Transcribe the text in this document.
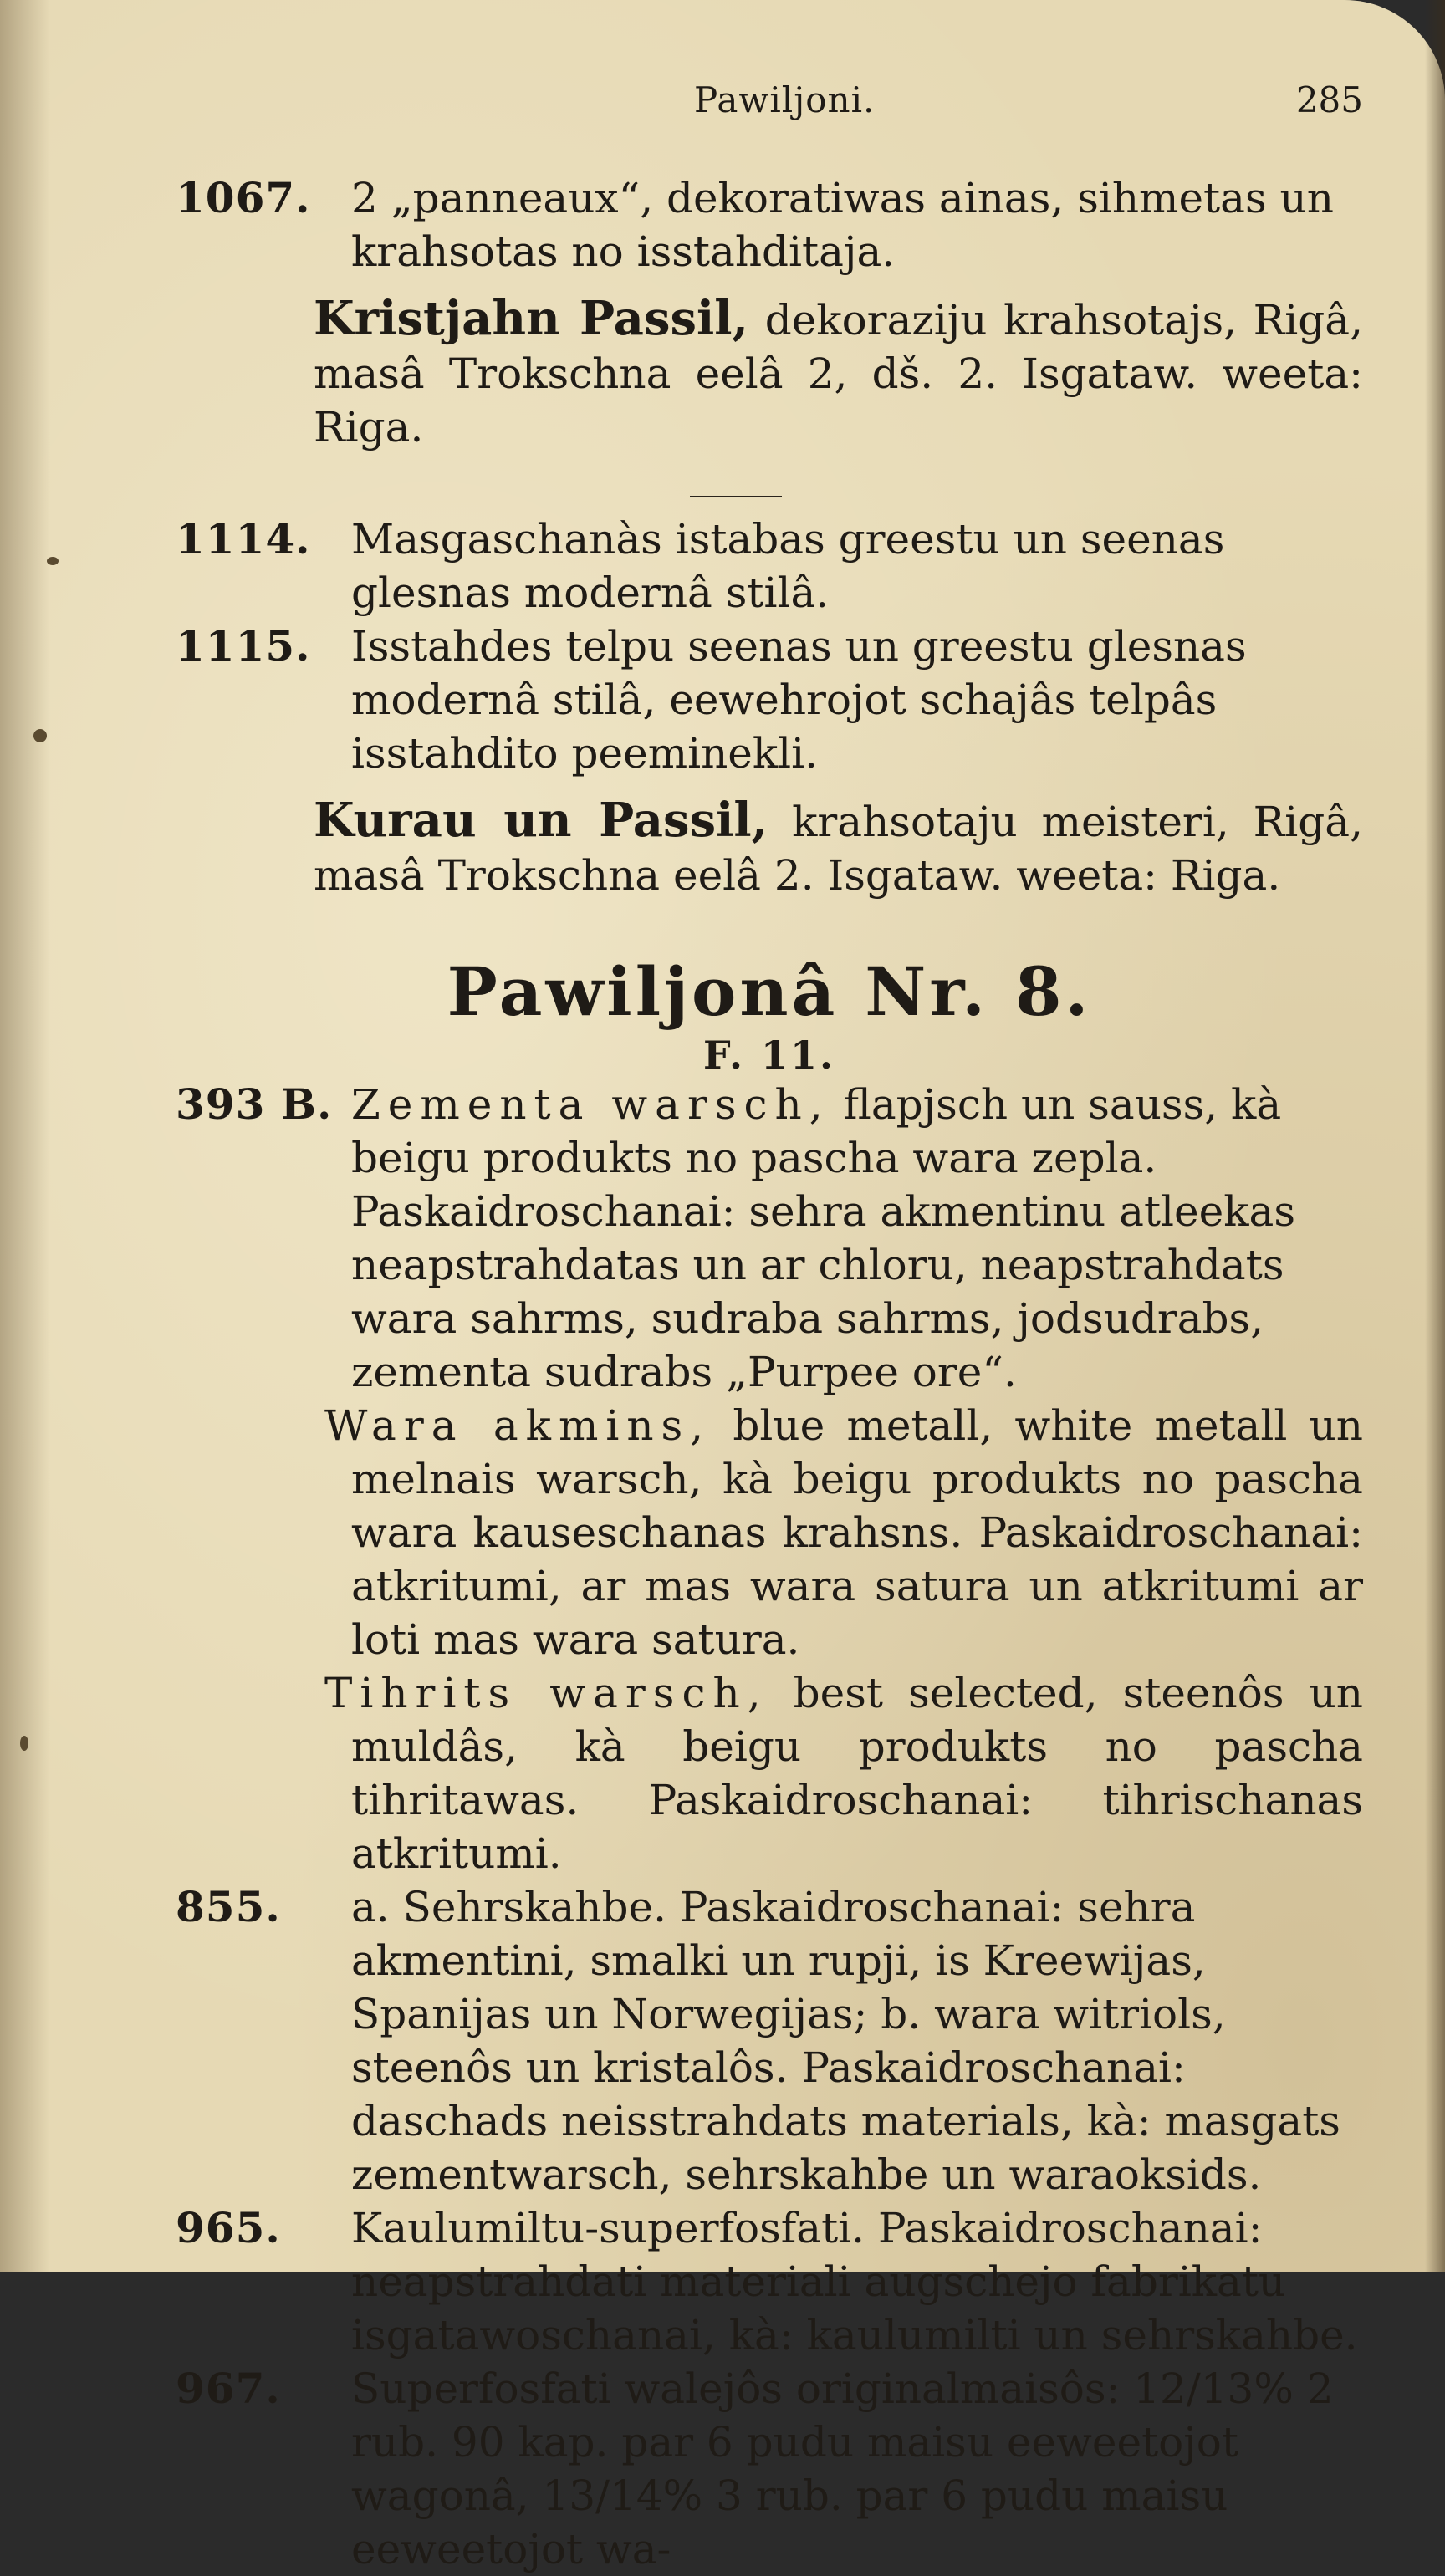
Pawiljoni.	285

1067. 2 „panneaux“, dekoratiwas ainas, sihmetas un krahsotas no isstahditaja.

Kristjahn Passil, dekoraziju krahsotajs, Rigâ, masâ Trokschna eelâ 2, dš. 2. Isgataw. weeta: Riga.

1114. Masgaschanàs istabas greestu un seenas glesnas modernâ stilâ.

1115. Isstahdes telpu seenas un greestu glesnas modernâ stilâ, eewehrojot schajâs telpâs isstahdito peeminekli.

Kurau un Passil, krahsotaju meisteri, Rigâ, masâ Trokschna eelâ 2. Isgataw. weeta: Riga.

Pawiljonâ Nr. 8.
F. 11.

393 B. Zementa warsch, flapjsch un sauss, kà beigu produkts no pascha wara zepla. Paskaidroschanai: sehra akmentinu atleekas neapstrahdatas un ar chloru, neapstrahdats wara sahrms, sudraba sahrms, jodsudrabs, zementa sudrabs „Purpee ore“.

Wara akmins, blue metall, white metall un melnais warsch, kà beigu produkts no pascha wara kauseschanas krahsns. Paskaidroschanai: atkritumi, ar mas wara satura un atkritumi ar loti mas wara satura.

Tihrits warsch, best selected, steenôs un muldâs, kà beigu produkts no pascha tihritawas. Paskaidroschanai: tihrischanas atkritumi.

855. a. Sehrskahbe. Paskaidroschanai: sehra akmentini, smalki un rupji, is Kreewijas, Spanijas un Norwegijas; b. wara witriols, steenôs un kristalôs. Paskaidroschanai: daschads neisstrahdats materials, kà: masgats zementwarsch, sehrskahbe un waraoksids.

965. Kaulumiltu-superfosfati. Paskaidroschanai: neapstrahdati materiali augschejo fabrikatu isgatawoschanai, kà: kaulumilti un sehrskahbe.

967. Superfosfati walejôs originalmaisôs: 12/13% 2 rub. 90 kap. par 6 pudu maisu eeweetojot wagonâ, 13/14% 3 rub. par 6 pudu maisu eeweetojot wa-
